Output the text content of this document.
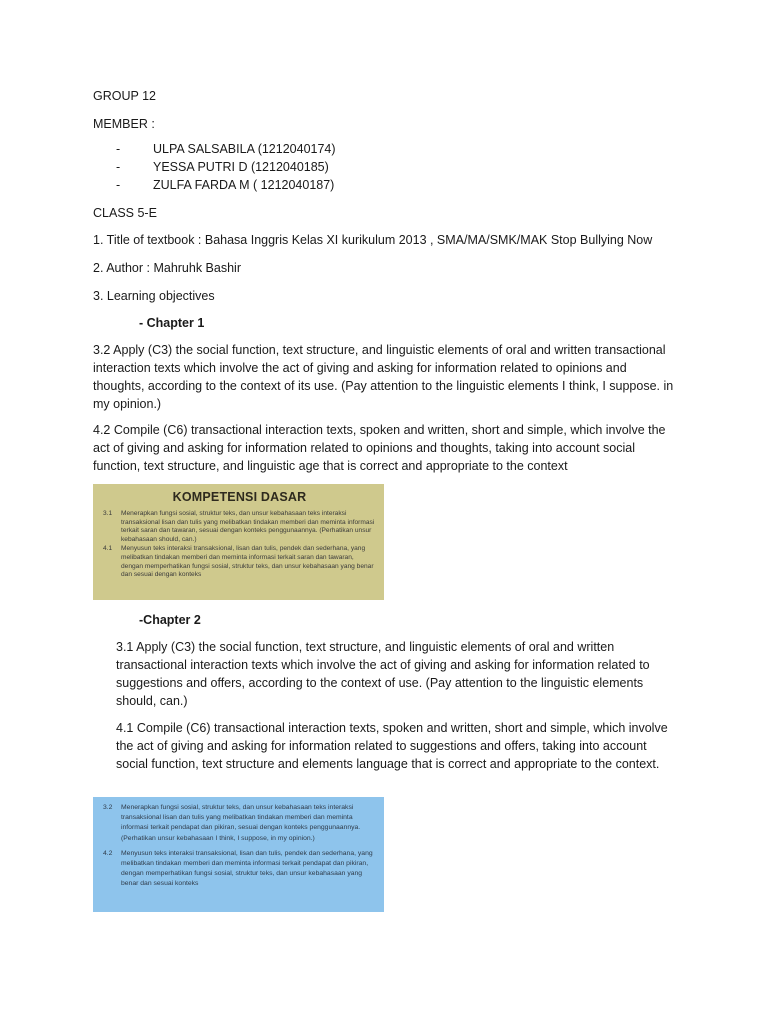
GROUP 12

MEMBER :

-	ULPA SALSABILA (1212040174)
-	YESSA PUTRI D (1212040185)
-	ZULFA FARDA M ( 1212040187)

CLASS 5-E

1. Title of textbook : Bahasa Inggris Kelas XI kurikulum 2013 , SMA/MA/SMK/MAK Stop Bullying Now

2. Author : Mahruhk Bashir

3. Learning objectives

- Chapter 1

3.2 Apply (C3) the social function, text structure, and linguistic elements of oral and written transactional interaction texts which involve the act of giving and asking for information related to opinions and thoughts, according to the context of its use. (Pay attention to the linguistic elements I think, I suppose. in my opinion.)

4.2 Compile (C6) transactional interaction texts, spoken and written, short and simple, which involve the act of giving and asking for information related to opinions and thoughts, taking into account social function, text structure, and linguistic age that is correct and appropriate to the context

KOMPETENSI DASAR
3.1	Menerapkan fungsi sosial, struktur teks, dan unsur kebahasaan teks interaksi transaksional lisan dan tulis yang melibatkan tindakan memberi dan meminta informasi terkait saran dan tawaran, sesuai dengan konteks penggunaannya. (Perhatikan unsur kebahasaan should, can.)
4.1	Menyusun teks interaksi transaksional, lisan dan tulis, pendek dan sederhana, yang melibatkan tindakan memberi dan meminta informasi terkait saran dan tawaran, dengan memperhatikan fungsi sosial, struktur teks, dan unsur kebahasaan yang benar dan sesuai dengan konteks

-Chapter 2

3.1 Apply (C3) the social function, text structure, and linguistic elements of oral and written transactional interaction texts which involve the act of giving and asking for information related to suggestions and offers, according to the context of use. (Pay attention to the linguistic elements should, can.)

4.1 Compile (C6) transactional interaction texts, spoken and written, short and simple, which involve the act of giving and asking for information related to suggestions and offers, taking into account social function, text structure and elements language that is correct and appropriate to the context.

3.2	Menerapkan fungsi sosial, struktur teks, dan unsur kebahasaan teks interaksi transaksional lisan dan tulis yang melibatkan tindakan memberi dan meminta informasi terkait pendapat dan pikiran, sesuai dengan konteks penggunaannya. (Perhatikan unsur kebahasaan I think, I suppose, in my opinion.)
4.2	Menyusun teks interaksi transaksional, lisan dan tulis, pendek dan sederhana, yang melibatkan tindakan memberi dan meminta informasi terkait pendapat dan pikiran, dengan memperhatikan fungsi sosial, struktur teks, dan unsur kebahasaan yang benar dan sesuai konteks
